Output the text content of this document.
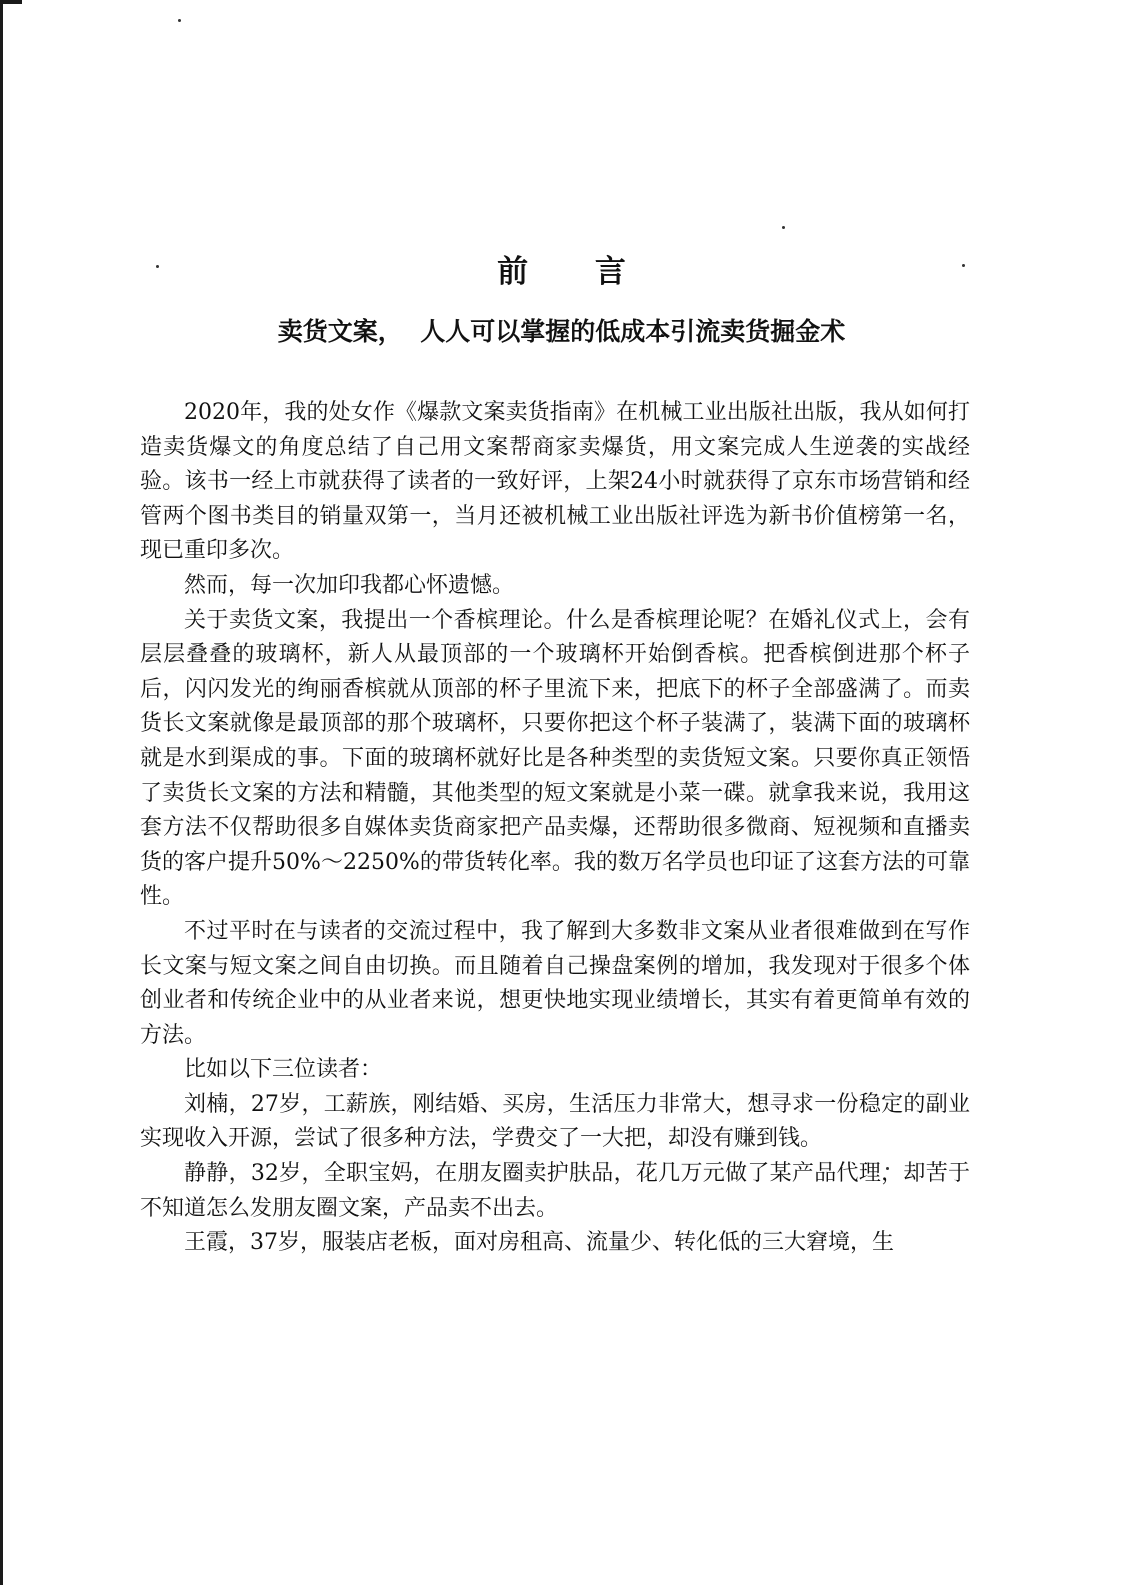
前 言
卖货文案，  人人可以掌握的低成本引流卖货掘金术

2020年，我的处女作《爆款文案卖货指南》在机械工业出版社出版，我从如何打造卖货爆文的角度总结了自己用文案帮商家卖爆货，用文案完成人生逆袭的实战经验。该书一经上市就获得了读者的一致好评，上架24小时就获得了京东市场营销和经管两个图书类目的销量双第一，当月还被机械工业出版社评选为新书价值榜第一名，现已重印多次。

然而，每一次加印我都心怀遗憾。

关于卖货文案，我提出一个香槟理论。什么是香槟理论呢？在婚礼仪式上，会有层层叠叠的玻璃杯，新人从最顶部的一个玻璃杯开始倒香槟。把香槟倒进那个杯子后，闪闪发光的绚丽香槟就从顶部的杯子里流下来，把底下的杯子全部盛满了。而卖货长文案就像是最顶部的那个玻璃杯，只要你把这个杯子装满了，装满下面的玻璃杯就是水到渠成的事。下面的玻璃杯就好比是各种类型的卖货短文案。只要你真正领悟了卖货长文案的方法和精髓，其他类型的短文案就是小菜一碟。就拿我来说，我用这套方法不仅帮助很多自媒体卖货商家把产品卖爆，还帮助很多微商、短视频和直播卖货的客户提升50%～2250%的带货转化率。我的数万名学员也印证了这套方法的可靠性。

不过平时在与读者的交流过程中，我了解到大多数非文案从业者很难做到在写作长文案与短文案之间自由切换。而且随着自己操盘案例的增加，我发现对于很多个体创业者和传统企业中的从业者来说，想更快地实现业绩增长，其实有着更简单有效的方法。

比如以下三位读者：

刘楠，27岁，工薪族，刚结婚、买房，生活压力非常大，想寻求一份稳定的副业实现收入开源，尝试了很多种方法，学费交了一大把，却没有赚到钱。

静静，32岁，全职宝妈，在朋友圈卖护肤品，花几万元做了某产品代理，却苦于不知道怎么发朋友圈文案，产品卖不出去。

王霞，37岁，服装店老板，面对房租高、流量少、转化低的三大窘境，生
